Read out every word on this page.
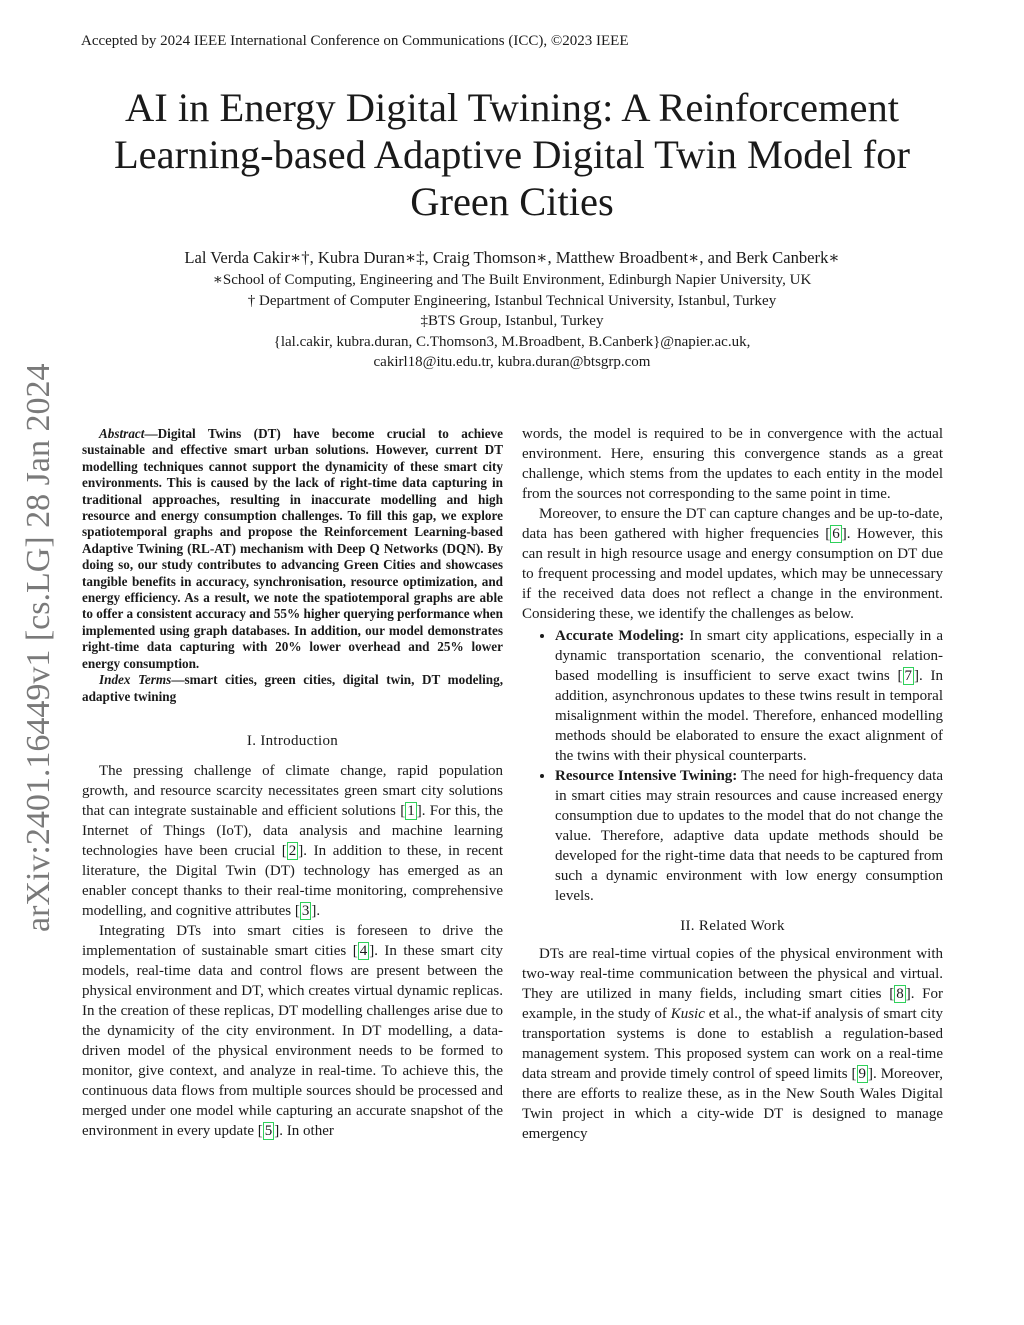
Accepted by 2024 IEEE International Conference on Communications (ICC), ©2023 IEEE
AI in Energy Digital Twining: A Reinforcement Learning-based Adaptive Digital Twin Model for Green Cities
Lal Verda Cakir∗†, Kubra Duran∗‡, Craig Thomson∗, Matthew Broadbent∗, and Berk Canberk∗
∗School of Computing, Engineering and The Built Environment, Edinburgh Napier University, UK
† Department of Computer Engineering, Istanbul Technical University, Istanbul, Turkey
‡BTS Group, Istanbul, Turkey
{lal.cakir, kubra.duran, C.Thomson3, M.Broadbent, B.Canberk}@napier.ac.uk,
cakirl18@itu.edu.tr, kubra.duran@btsgrp.com
arXiv:2401.16449v1 [cs.LG] 28 Jan 2024	Abstract—Digital Twins (DT) have become crucial to achieve sustainable and effective smart urban solutions. However, current DT modelling techniques cannot support the dynamicity of these smart city environments. This is caused by the lack of right-time data capturing in traditional approaches, resulting in inaccurate modelling and high resource and energy consumption challenges. To fill this gap, we explore spatiotemporal graphs and propose the Reinforcement Learning-based Adaptive Twining (RL-AT) mechanism with Deep Q Networks (DQN). By doing so, our study contributes to advancing Green Cities and showcases tangible benefits in accuracy, synchronisation, resource optimization, and energy efficiency. As a result, we note the spatiotemporal graphs are able to offer a consistent accuracy and 55% higher querying performance when implemented using graph databases. In addition, our model demonstrates right-time data capturing with 20% lower overhead and 25% lower energy consumption.

Index Terms—smart cities, green cities, digital twin, DT modeling, adaptive twining

I. Introduction

The pressing challenge of climate change, rapid population growth, and resource scarcity necessitates green smart city solutions that can integrate sustainable and efficient solutions [ 1 ]. For this, the Internet of Things (IoT), data analysis and machine learning technologies have been crucial [ 2 ]. In addition to these, in recent literature, the Digital Twin (DT) technology has emerged as an enabler concept thanks to their real-time monitoring, comprehensive modelling, and cognitive attributes [ 3 ].

Integrating DTs into smart cities is foreseen to drive the implementation of sustainable smart cities [ 4 ]. In these smart city models, real-time data and control flows are present between the physical environment and DT, which creates virtual dynamic replicas. In the creation of these replicas, DT modelling challenges arise due to the dynamicity of the city environment. In DT modelling, a data-driven model of the physical environment needs to be formed to monitor, give context, and analyze in real-time. To achieve this, the continuous data flows from multiple sources should be processed and merged under one model while capturing an accurate snapshot of the environment in every update [ 5 ]. In other

words, the model is required to be in convergence with the actual environment. Here, ensuring this convergence stands as a great challenge, which stems from the updates to each entity in the model from the sources not corresponding to the same point in time.

Moreover, to ensure the DT can capture changes and be up-to-date, data has been gathered with higher frequencies [ 6 ]. However, this can result in high resource usage and energy consumption on DT due to frequent processing and model updates, which may be unnecessary if the received data does not reflect a change in the environment. Considering these, we identify the challenges as below.

• Accurate Modeling: In smart city applications, especially in a dynamic transportation scenario, the conventional relation-based modelling is insufficient to serve exact twins [ 7 ]. In addition, asynchronous updates to these twins result in temporal misalignment within the model. Therefore, enhanced modelling methods should be elaborated to ensure the exact alignment of the twins with their physical counterparts.
• Resource Intensive Twining: The need for high-frequency data in smart cities may strain resources and cause increased energy consumption due to updates to the model that do not change the value. Therefore, adaptive data update methods should be developed for the right-time data that needs to be captured from such a dynamic environment with low energy consumption levels.
II. Related Work

DTs are real-time virtual copies of the physical environment with two-way real-time communication between the physical and virtual. They are utilized in many fields, including smart cities [ 8 ]. For example, in the study of Kusic et al., the what-if analysis of smart city transportation systems is done to establish a regulation-based management system. This proposed system can work on a real-time data stream and provide timely control of speed limits [ 9 ]. Moreover, there are efforts to realize these, as in the New South Wales Digital Twin project in which a city-wide DT is designed to manage emergency
